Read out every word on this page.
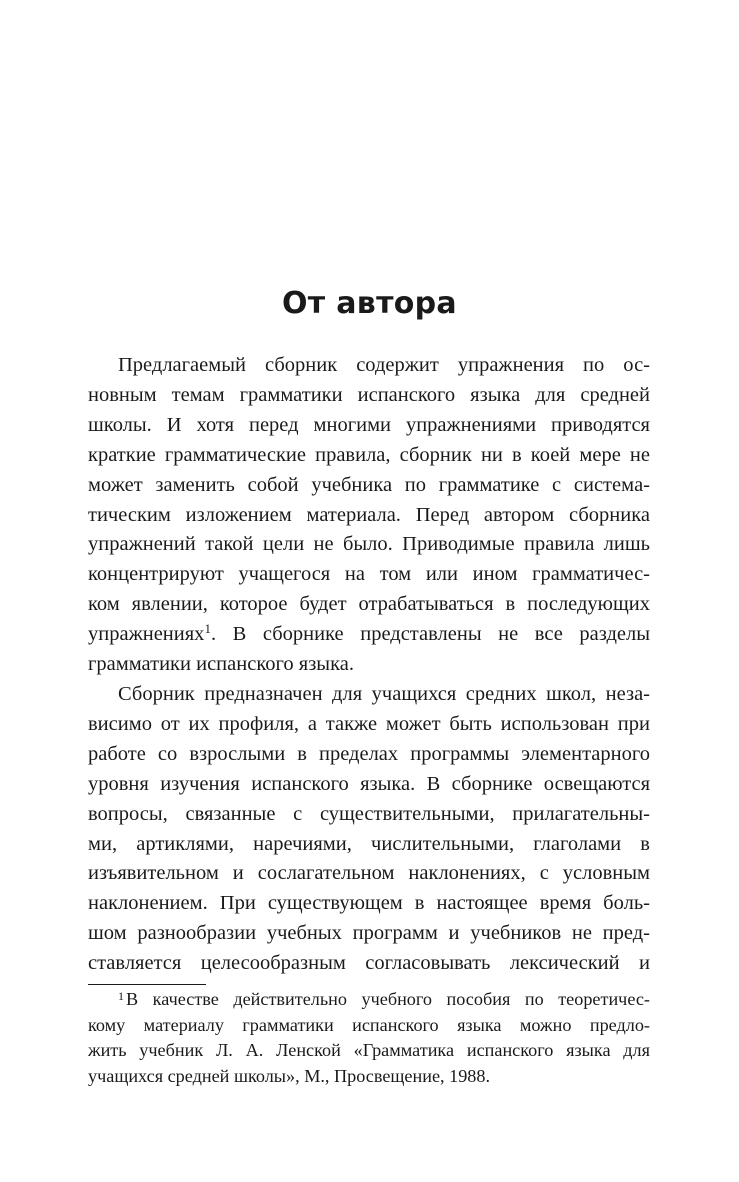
От автора
Предлагаемый сборник содержит упражнения по ос-
новным темам грамматики испанского языка для средней
школы. И хотя перед многими упражнениями приводятся
краткие грамматические правила, сборник ни в коей мере не
может заменить собой учебника по грамматике с системa-
тическим изложением материала. Перед автором сборника
упражнений такой цели не было. Приводимые правила лишь
концентрируют учащегося на том или ином грамматичес-
ком явлении, которое будет отрабатываться в последующих
упражнениях$^1$. В сборнике представлены не все разделы
грамматики испанского языка.
Сборник предназначен для учащихся средних школ, неза-
висимо от их профиля, а также может быть использован при
работе со взрослыми в пределах программы элементарного
уровня изучения испанского языка. В сборнике освещаются
вопросы, связанные с существительными, прилагательны-
ми, артиклями, наречиями, числительными, глаголами в
изъявительном и сослагательном наклонениях, с условным
наклонением. При существующем в настоящее время боль-
шом разнообразии учебных программ и учебников не пред-
ставляется целесообразным согласовывать лексический и
$^1$ В качестве действительно учебного пособия по теоретичес-
кому материалу грамматики испанского языка можно предло-
жить учебник Л. А. Ленской «Грамматика испанского языка для
учащихся средней школы», М., Просвещение, 1988.
